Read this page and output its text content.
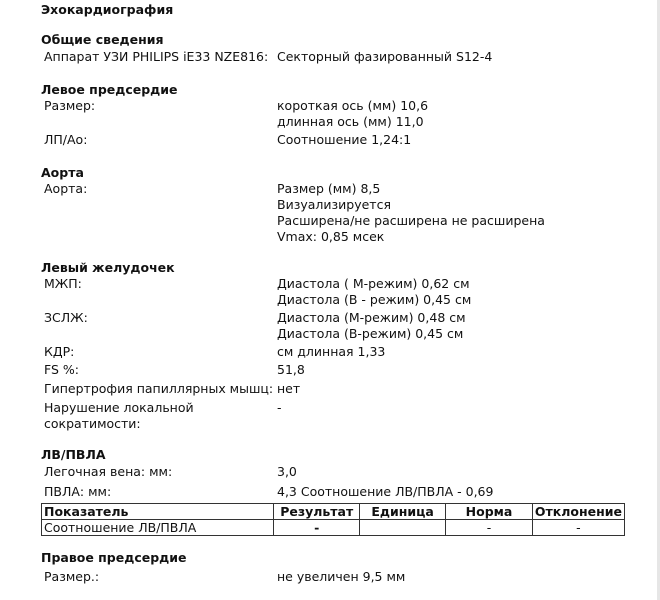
Эхокардиография
Общие сведения
Аппарат УЗИ PHILIPS iE33 NZE816: Секторный фазированный S12-4
Левое предсердие
Размер:	короткая ось (мм) 10,6
длинная ось (мм) 11,0
ЛП/Ао:	Соотношение 1,24:1
Аорта
Аорта:	Размер (мм) 8,5
Визуализируется
Расширена/не расширена не расширена
Vmax: 0,85 мсек
Левый желудочек
МЖП:	Диастола ( М-режим) 0,62 см
Диастола (В - режим) 0,45 см
ЗСЛЖ:	Диастола (М-режим) 0,48 см
Диастола (В-режим) 0,45 см
КДР:	см длинная 1,33
FS %:	51,8
Гипертрофия папиллярных мышц: нет
Нарушение локальной
сократимости:
-
ЛВ/ПВЛА
Легочная вена: мм:	3,0
ПВЛА: мм:	4,3 Соотношение ЛВ/ПВЛА - 0,69
Показатель	Результат	Единица	Норма	Отклонение
Соотношение ЛВ/ПВЛА	-		-	-
Правое предсердие
Размер.:	не увеличен 9,5 мм
